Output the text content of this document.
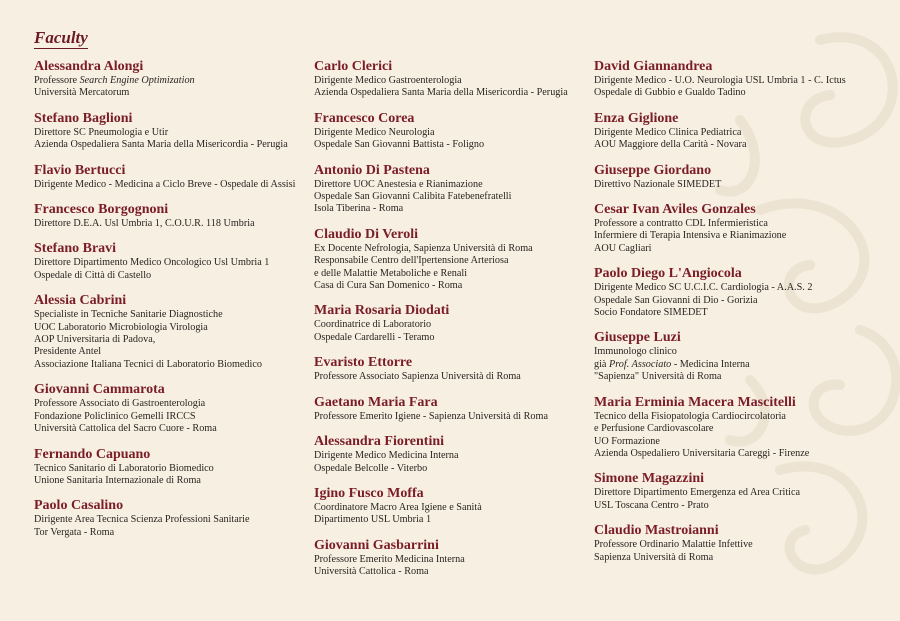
Faculty
Alessandra Alongi
Professore Search Engine Optimization
Università Mercatorum
Stefano Baglioni
Direttore SC Pneumologia e Utir
Azienda Ospedaliera Santa Maria della Misericordia - Perugia
Flavio Bertucci
Dirigente Medico - Medicina a Ciclo Breve - Ospedale di Assisi
Francesco Borgognoni
Direttore D.E.A. Usl Umbria 1, C.O.U.R. 118 Umbria
Stefano Bravi
Direttore Dipartimento Medico Oncologico Usl Umbria 1
Ospedale di Città di Castello
Alessia Cabrini
Specialiste in Tecniche Sanitarie Diagnostiche
UOC Laboratorio Microbiologia Virologia
AOP Universitaria di Padova,
Presidente Antel
Associazione Italiana Tecnici di Laboratorio Biomedico
Giovanni Cammarota
Professore Associato di Gastroenterologia
Fondazione Policlinico Gemelli IRCCS
Università Cattolica del Sacro Cuore - Roma
Fernando Capuano
Tecnico Sanitario di Laboratorio Biomedico
Unione Sanitaria Internazionale di Roma
Paolo Casalino
Dirigente Area Tecnica Scienza Professioni Sanitarie
Tor Vergata - Roma
Carlo Clerici
Dirigente Medico Gastroenterologia
Azienda Ospedaliera Santa Maria della Misericordia - Perugia
Francesco Corea
Dirigente Medico Neurologia
Ospedale San Giovanni Battista - Foligno
Antonio Di Pastena
Direttore UOC Anestesia e Rianimazione
Ospedale San Giovanni Calibita Fatebenefratelli
Isola Tiberina - Roma
Claudio Di Veroli
Ex Docente Nefrologia, Sapienza Università di Roma
Responsabile Centro dell'Ipertensione Arteriosa
e delle Malattie Metaboliche e Renali
Casa di Cura San Domenico - Roma
Maria Rosaria Diodati
Coordinatrice di Laboratorio
Ospedale Cardarelli - Teramo
Evaristo Ettorre
Professore Associato Sapienza Università di Roma
Gaetano Maria Fara
Professore Emerito Igiene - Sapienza Università di Roma
Alessandra Fiorentini
Dirigente Medico Medicina Interna
Ospedale Belcolle - Viterbo
Igino Fusco Moffa
Coordinatore Macro Area Igiene e Sanità
Dipartimento USL Umbria 1
Giovanni Gasbarrini
Professore Emerito Medicina Interna
Università Cattolica - Roma
David Giannandrea
Dirigente Medico - U.O. Neurologia USL Umbria 1 - C. Ictus
Ospedale di Gubbio e Gualdo Tadino
Enza Giglione
Dirigente Medico Clinica Pediatrica
AOU Maggiore della Carità - Novara
Giuseppe Giordano
Direttivo Nazionale SIMEDET
Cesar Ivan Aviles Gonzales
Professore a contratto CDL Infermieristica
Infermiere di Terapia Intensiva e Rianimazione
AOU Cagliari
Paolo Diego L'Angiocola
Dirigente Medico SC U.C.I.C. Cardiologia - A.A.S. 2
Ospedale San Giovanni di Dio - Gorizia
Socio Fondatore SIMEDET
Giuseppe Luzi
Immunologo clinico
già Prof. Associato - Medicina Interna
"Sapienza" Università di Roma
Maria Erminia Macera Mascitelli
Tecnico della Fisiopatologia Cardiocircolatoria
e Perfusione Cardiovascolare
UO Formazione
Azienda Ospedaliero Universitaria Careggi - Firenze
Simone Magazzini
Direttore Dipartimento Emergenza ed Area Critica
USL Toscana Centro - Prato
Claudio Mastroianni
Professore Ordinario Malattie Infettive
Sapienza Università di Roma
